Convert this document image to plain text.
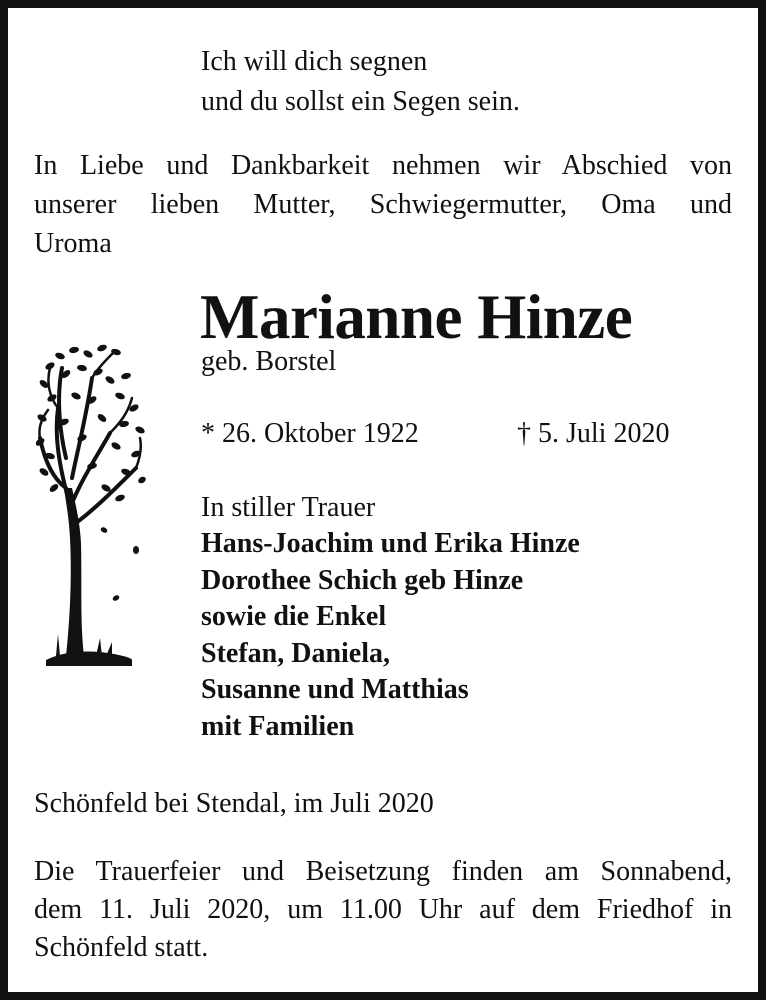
Ich will dich segnen
und du sollst ein Segen sein.
In Liebe und Dankbarkeit nehmen wir Abschied von
unserer lieben Mutter, Schwiegermutter, Oma und
Uroma
Marianne Hinze
geb. Borstel
* 26. Oktober 1922	† 5. Juli 2020
In stiller Trauer
Hans-Joachim und Erika Hinze
Dorothee Schich geb Hinze
sowie die Enkel
Stefan, Daniela,
Susanne und Matthias
mit Familien
Schönfeld bei Stendal, im Juli 2020
Die Trauerfeier und Beisetzung finden am Sonnabend,
dem 11. Juli 2020, um 11.00 Uhr auf dem Friedhof in
Schönfeld statt.
